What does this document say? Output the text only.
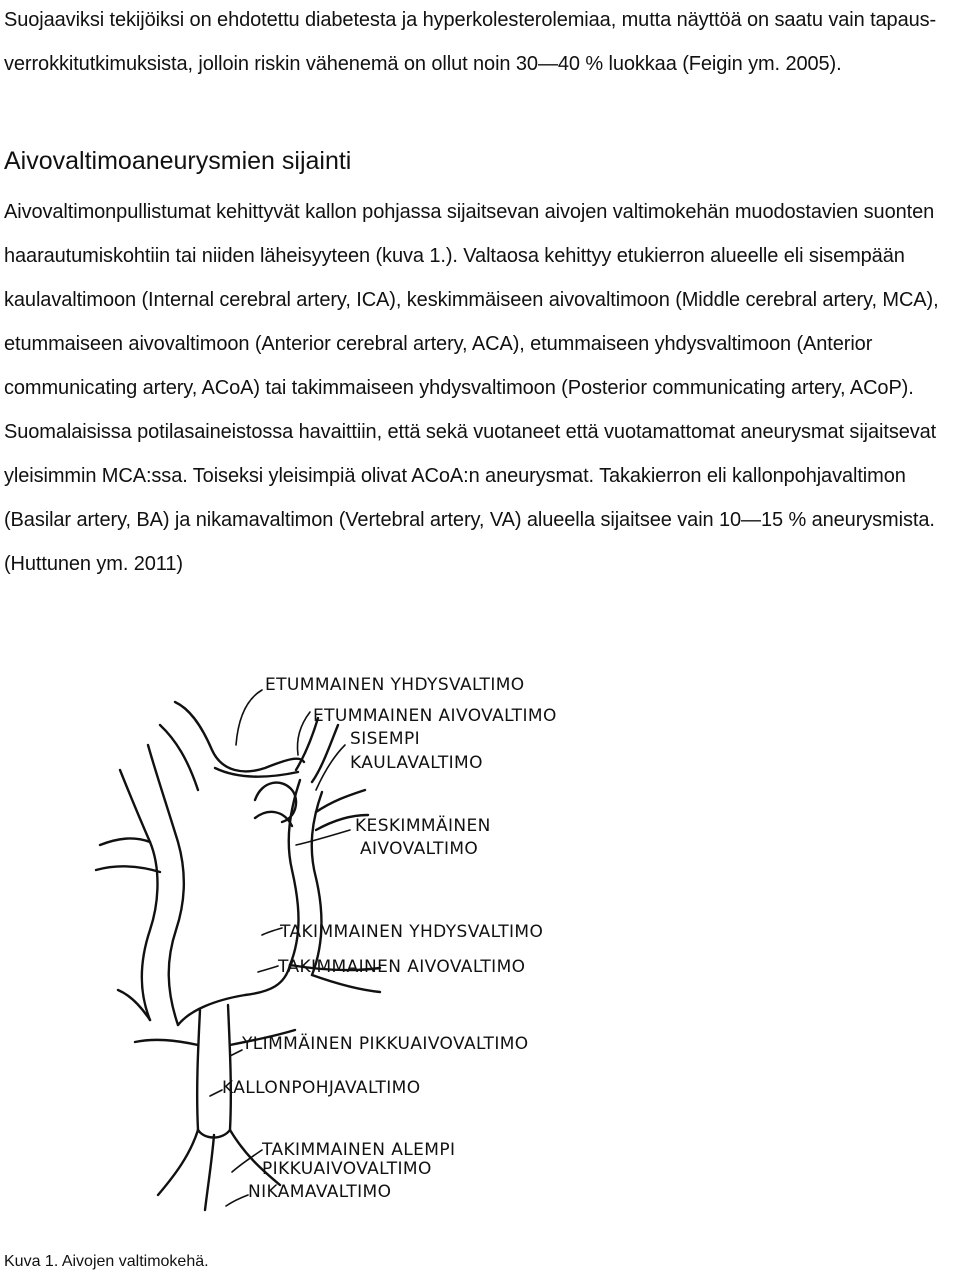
Suojaaviksi tekijöiksi on ehdotettu diabetesta ja hyperkolesterolemiaa, mutta näyttöä on saatu vain tapaus-verrokkitutkimuksista, jolloin riskin vähenemä on ollut noin 30—40 % luokkaa (Feigin ym. 2005).

Aivovaltimoaneurysmien sijainti

Aivovaltimonpullistumat kehittyvät kallon pohjassa sijaitsevan aivojen valtimokehän muodostavien suonten haarautumiskohtiin tai niiden läheisyyteen (kuva 1.). Valtaosa kehittyy etukierron alueelle eli sisempään kaulavaltimoon (Internal cerebral artery, ICA), keskimmäiseen aivovaltimoon (Middle cerebral artery, MCA), etummaiseen aivovaltimoon (Anterior cerebral artery, ACA), etummaiseen yhdysvaltimoon (Anterior communicating artery, ACoA) tai takimmaiseen yhdysvaltimoon (Posterior communicating artery, ACoP). Suomalaisissa potilasaineistossa havaittiin, että sekä vuotaneet että vuotamattomat aneurysmat sijaitsevat yleisimmin MCA:ssa. Toiseksi yleisimpiä olivat ACoA:n aneurysmat. Takakierron eli kallonpohjavaltimon (Basilar artery, BA) ja nikamavaltimon (Vertebral artery, VA) alueella sijaitsee vain 10—15 % aneurysmista. (Huttunen ym. 2011)

ETUMMAINEN YHDYSVALTIMO
ETUMMAINEN AIVOVALTIMO
SISEMPI
KAULAVALTIMO
KESKIMMÄINEN
AIVOVALTIMO
TAKIMMAINEN YHDYSVALTIMO
TAKIMMAINEN AIVOVALTIMO
YLIMMÄINEN PIKKUAIVOVALTIMO
KALLONPOHJAVALTIMO
TAKIMMAINEN ALEMPI
PIKKUAIVOVALTIMO
NIKAMAVALTIMO

Kuva 1. Aivojen valtimokehä.
